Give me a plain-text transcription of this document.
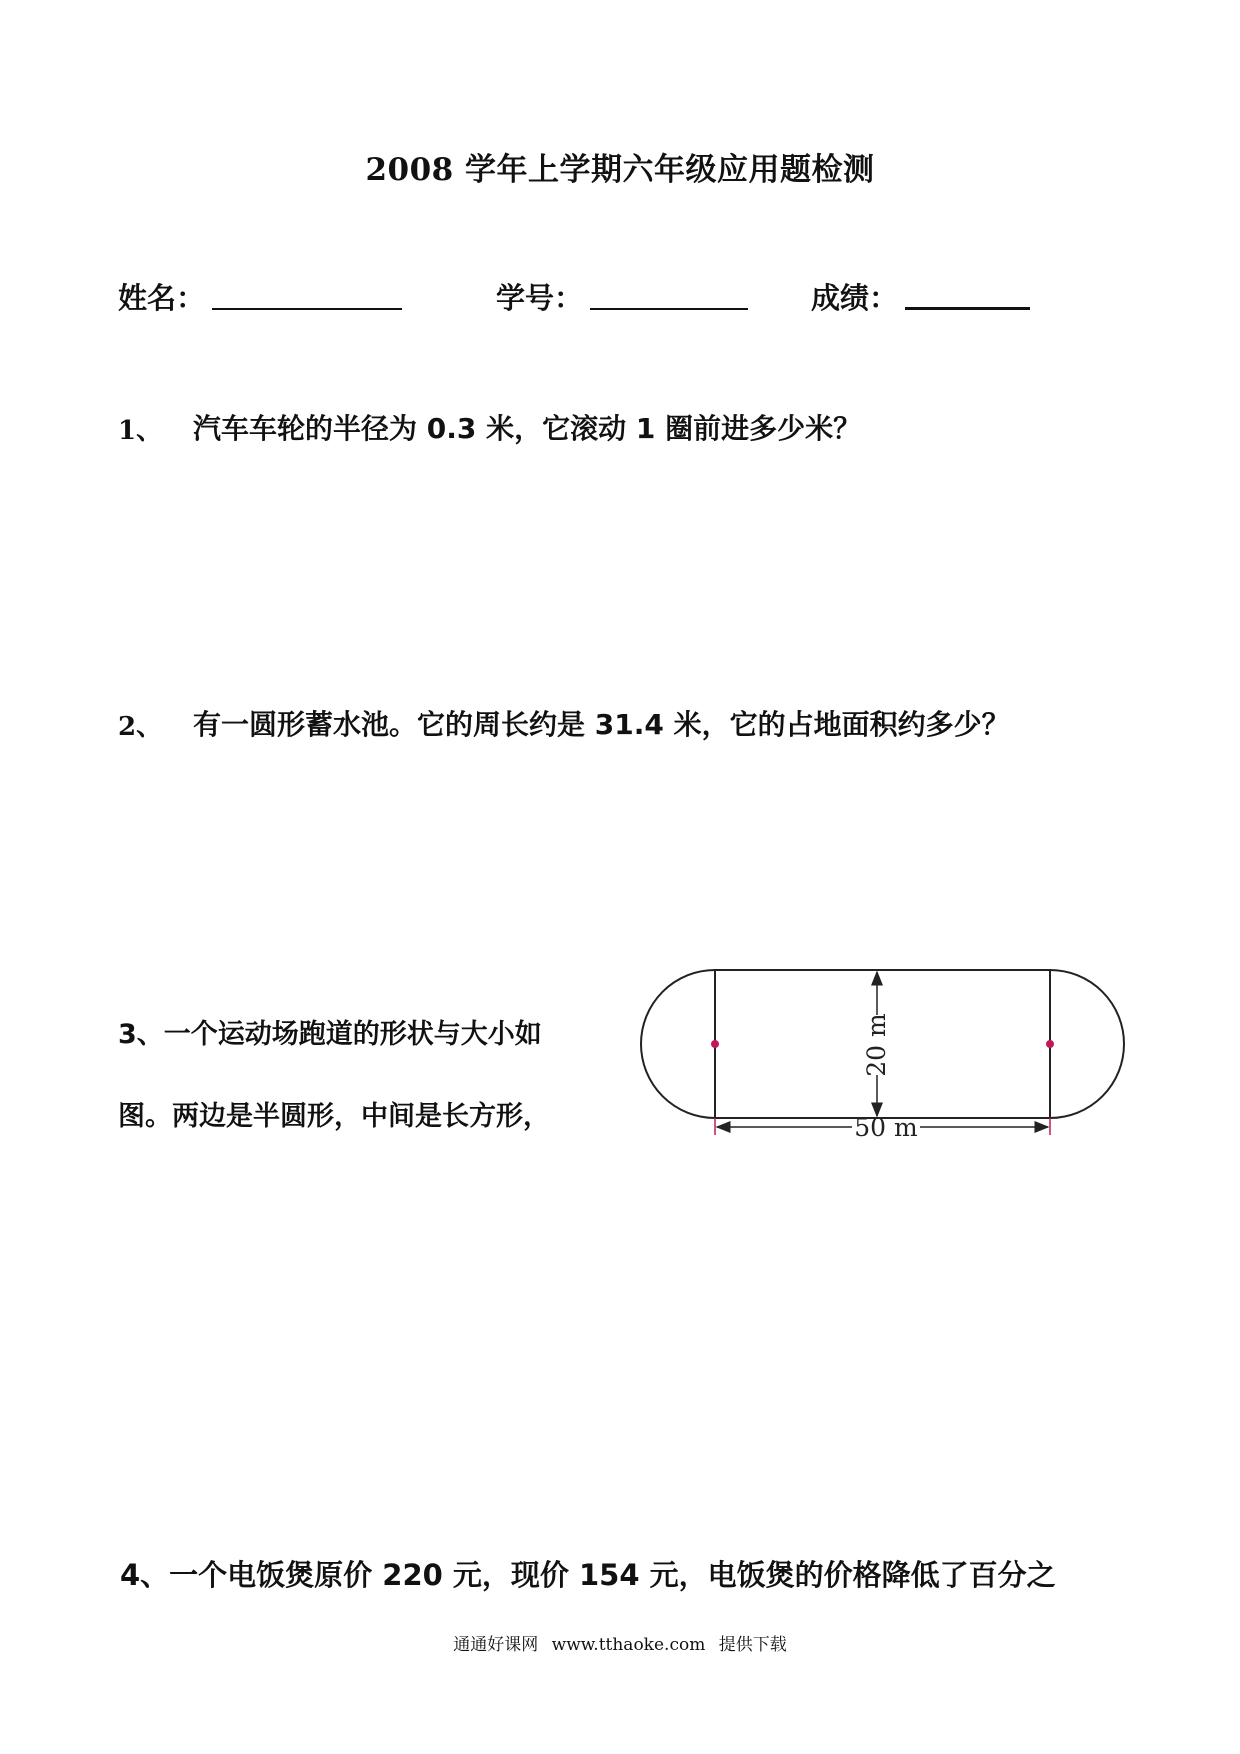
2008 学年上学期六年级应用题检测
姓名：	学号：	成绩：
1、 汽车车轮的半径为 0.3 米，它滚动 1 圈前进多少米？
2、 有一圆形蓄水池。它的周长约是 31.4 米，它的占地面积约多少？
3、一个运动场跑道的形状与大小如
图。两边是半圆形，中间是长方形，
20 m
50 m
4、一个电饭煲原价 220 元，现价 154 元，电饭煲的价格降低了百分之
通通好课网 www.tthaoke.com 提供下载
